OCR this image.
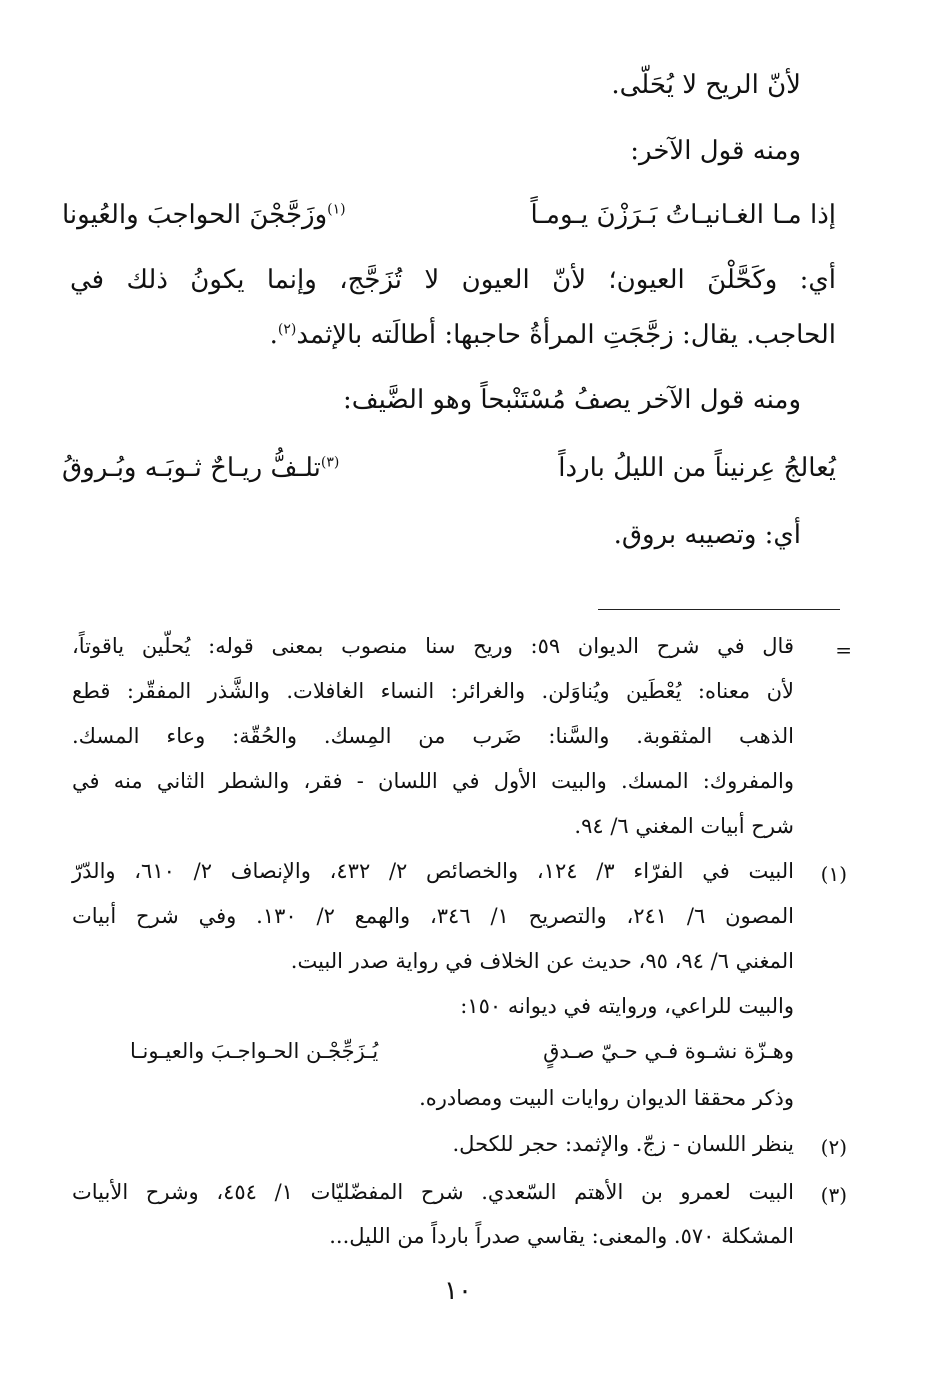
لأنّ الريح لا يُحَلّى.
ومنه قول الآخر:
إذا مـا الغـانيـاتُ بَـرَزْنَ يـومـاً
$^{(١)}$وزَجَّجْنَ الحواجبَ والعُيونا
أي: وكَحَّلْنَ العيون؛ لأنّ العيون لا تُزَجَّج، وإنما يكونُ ذلك في
الحاجب. يقال: زجَّجَتِ المرأةُ حاجبها: أطالَته بالإثمد$^{(٢)}$.
ومنه قول الآخر يصفُ مُسْتَنْبحاً وهو الضَّيف:
يُعالجُ عِرنيناً من الليلُ بارداً
$^{(٣)}$تلـفُّ ريـاحٌ ثـوبَـه وبُـروقُ
أي: وتصيبه بروق.
=
قال في شرح الديوان ٥٩: وريح سنا منصوب بمعنى قوله: يُحلّين ياقوتاً،
لأن معناه: يُعْطَين ويُناوَلن. والغرائر: النساء الغافلات. والشَّذر المفقّر: قطع
الذهب المثقوبة. والسَّنا: ضَرب من المِسك. والحُقّة: وعاء المسك.
والمفروك: المسك. والبيت الأول في اللسان - فقر، والشطر الثاني منه في
شرح أبيات المغني ٦/ ٩٤.
(١)
البيت في الفرّاء ٣/ ١٢٤، والخصائص ٢/ ٤٣٢، والإنصاف ٢/ ٦١٠، والدّرّ
المصون ٦/ ٢٤١، والتصريح ١/ ٣٤٦، والهمع ٢/ ١٣٠. وفي شرح أبيات
المغني ٦/ ٩٤، ٩٥، حديث عن الخلاف في رواية صدر البيت.
والبيت للراعي، وروايته في ديوانه ١٥٠:
وهـزّة نشـوة فـي حـيّ صـدقٍ
يُـزَجِّجْـن الحـواجـبَ والعيـونـا
وذكر محققا الديوان روايات البيت ومصادره.
(٢)
ينظر اللسان - زجّ. والإثمد: حجر للكحل.
(٣)
البيت لعمرو بن الأهتم السّعدي. شرح المفضّليّات ١/ ٤٥٤، وشرح الأبيات
المشكلة ٥٧٠. والمعنى: يقاسي صدراً بارداً من الليل...
١٠
